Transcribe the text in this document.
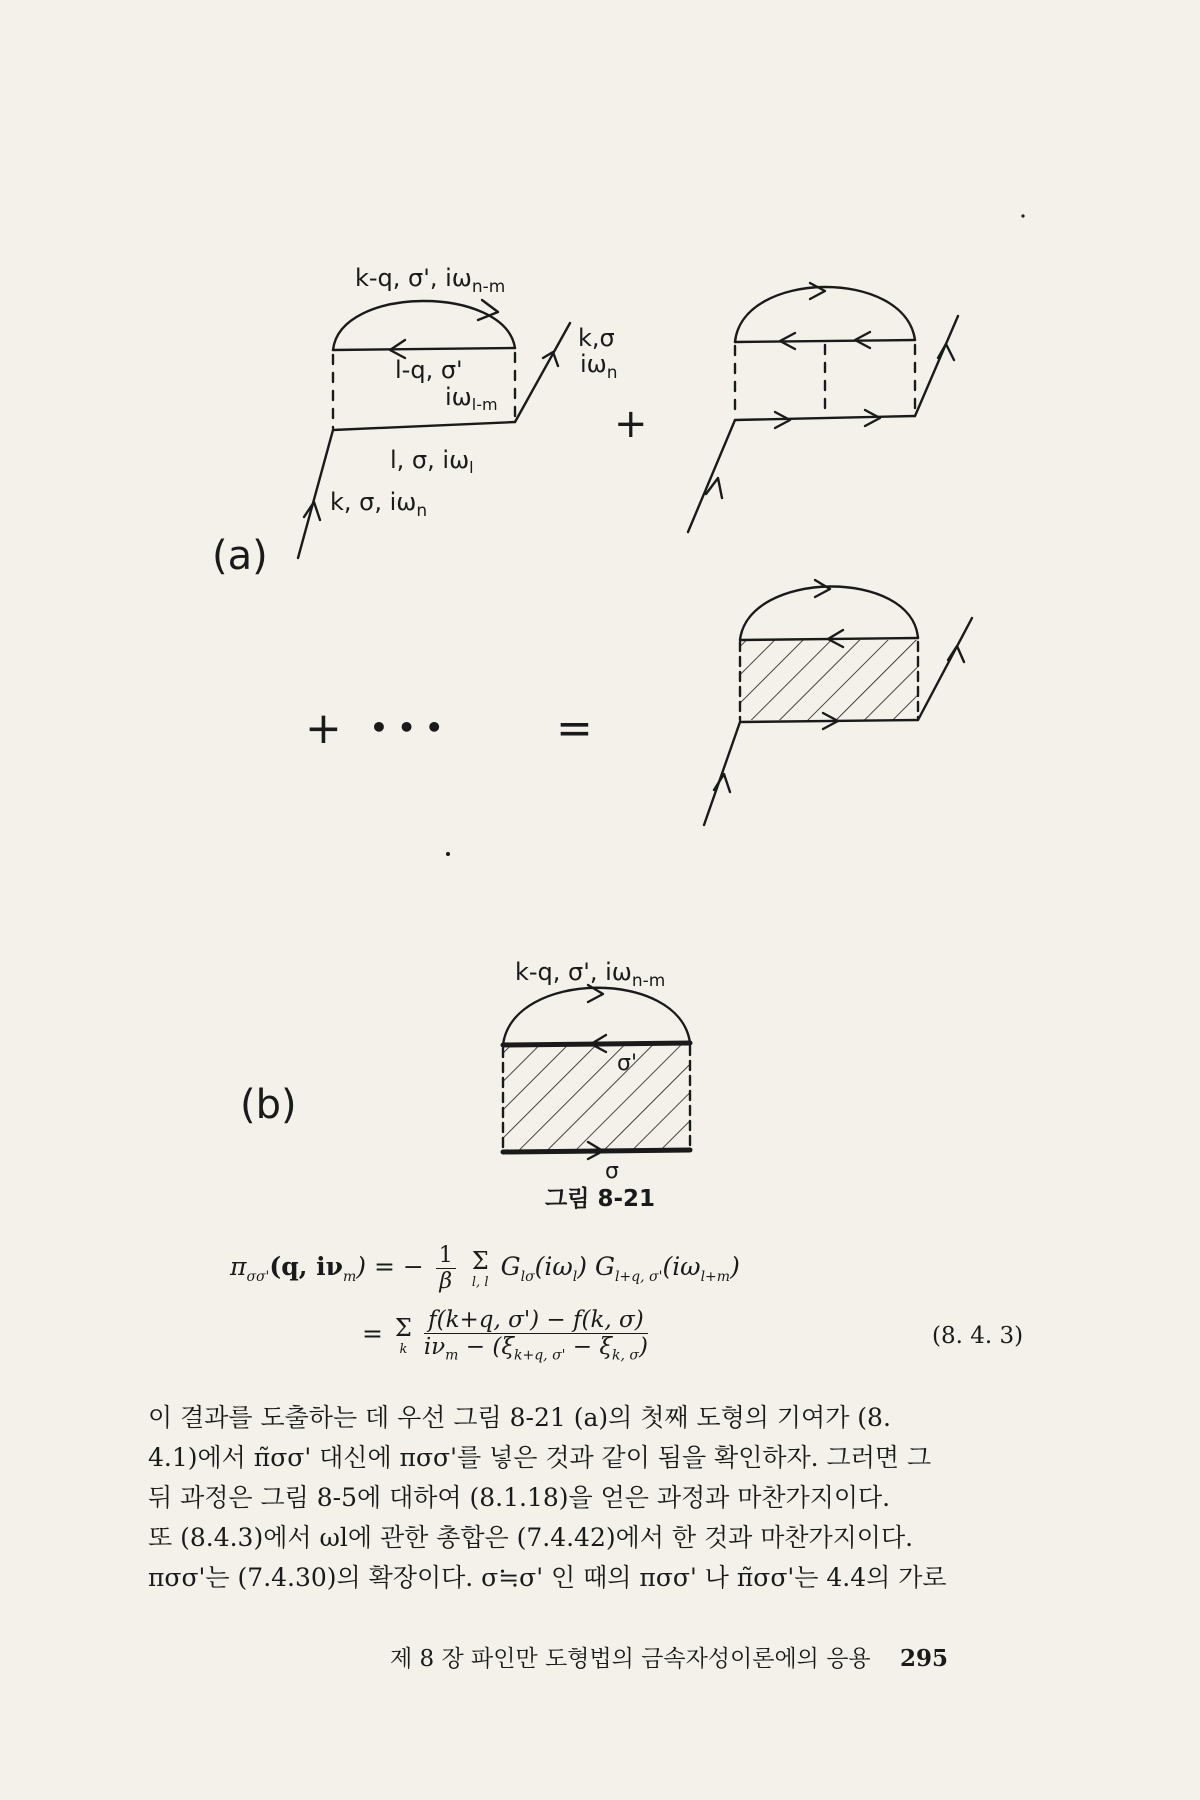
k-q, σ', $i\omega_{n-m}$
l-q, σ'
$i\omega_{l-m}$
l, σ, $i\omega_l$
k, σ, $i\omega_n$
k,σ
$i\omega_n$
+
+ • • •	=
k-q, σ', $i\omega_{n-m}$
σ'
σ
(a)
(b)
그림 8-21
$\pi_{\sigma\sigma'}(q$, $i\nu_m$) = − $\frac{1}{\beta}$
Σ
l, l
$G_{l\sigma}(i\omega_l)$ $G_{l+q, \sigma'}(i\omega_{l+m})$
= Σ
k

f(k+q, σ') − f(k, σ)
$i\nu_m - (\xi_{k+q, \sigma'} - \xi_{k, \sigma})$	(8. 4. 3)

이 결과를 도출하는 데 우선 그림 8-21 (a)의 첫째 도형의 기여가 (8.

4.1)에서 π̃σσ' 대신에 πσσ'를 넣은 것과 같이 됨을 확인하자. 그러면 그

뒤 과정은 그림 8-5에 대하여 (8.1.18)을 얻은 과정과 마찬가지이다.

또 (8.4.3)에서 ωl에 관한 총합은 (7.4.42)에서 한 것과 마찬가지이다.

πσσ'는 (7.4.30)의 확장이다. σ≒σ' 인 때의 πσσ' 나 π̃σσ'는 4.4의 가로

제 8 장 파인만 도형법의 금속자성이론에의 응용 295
